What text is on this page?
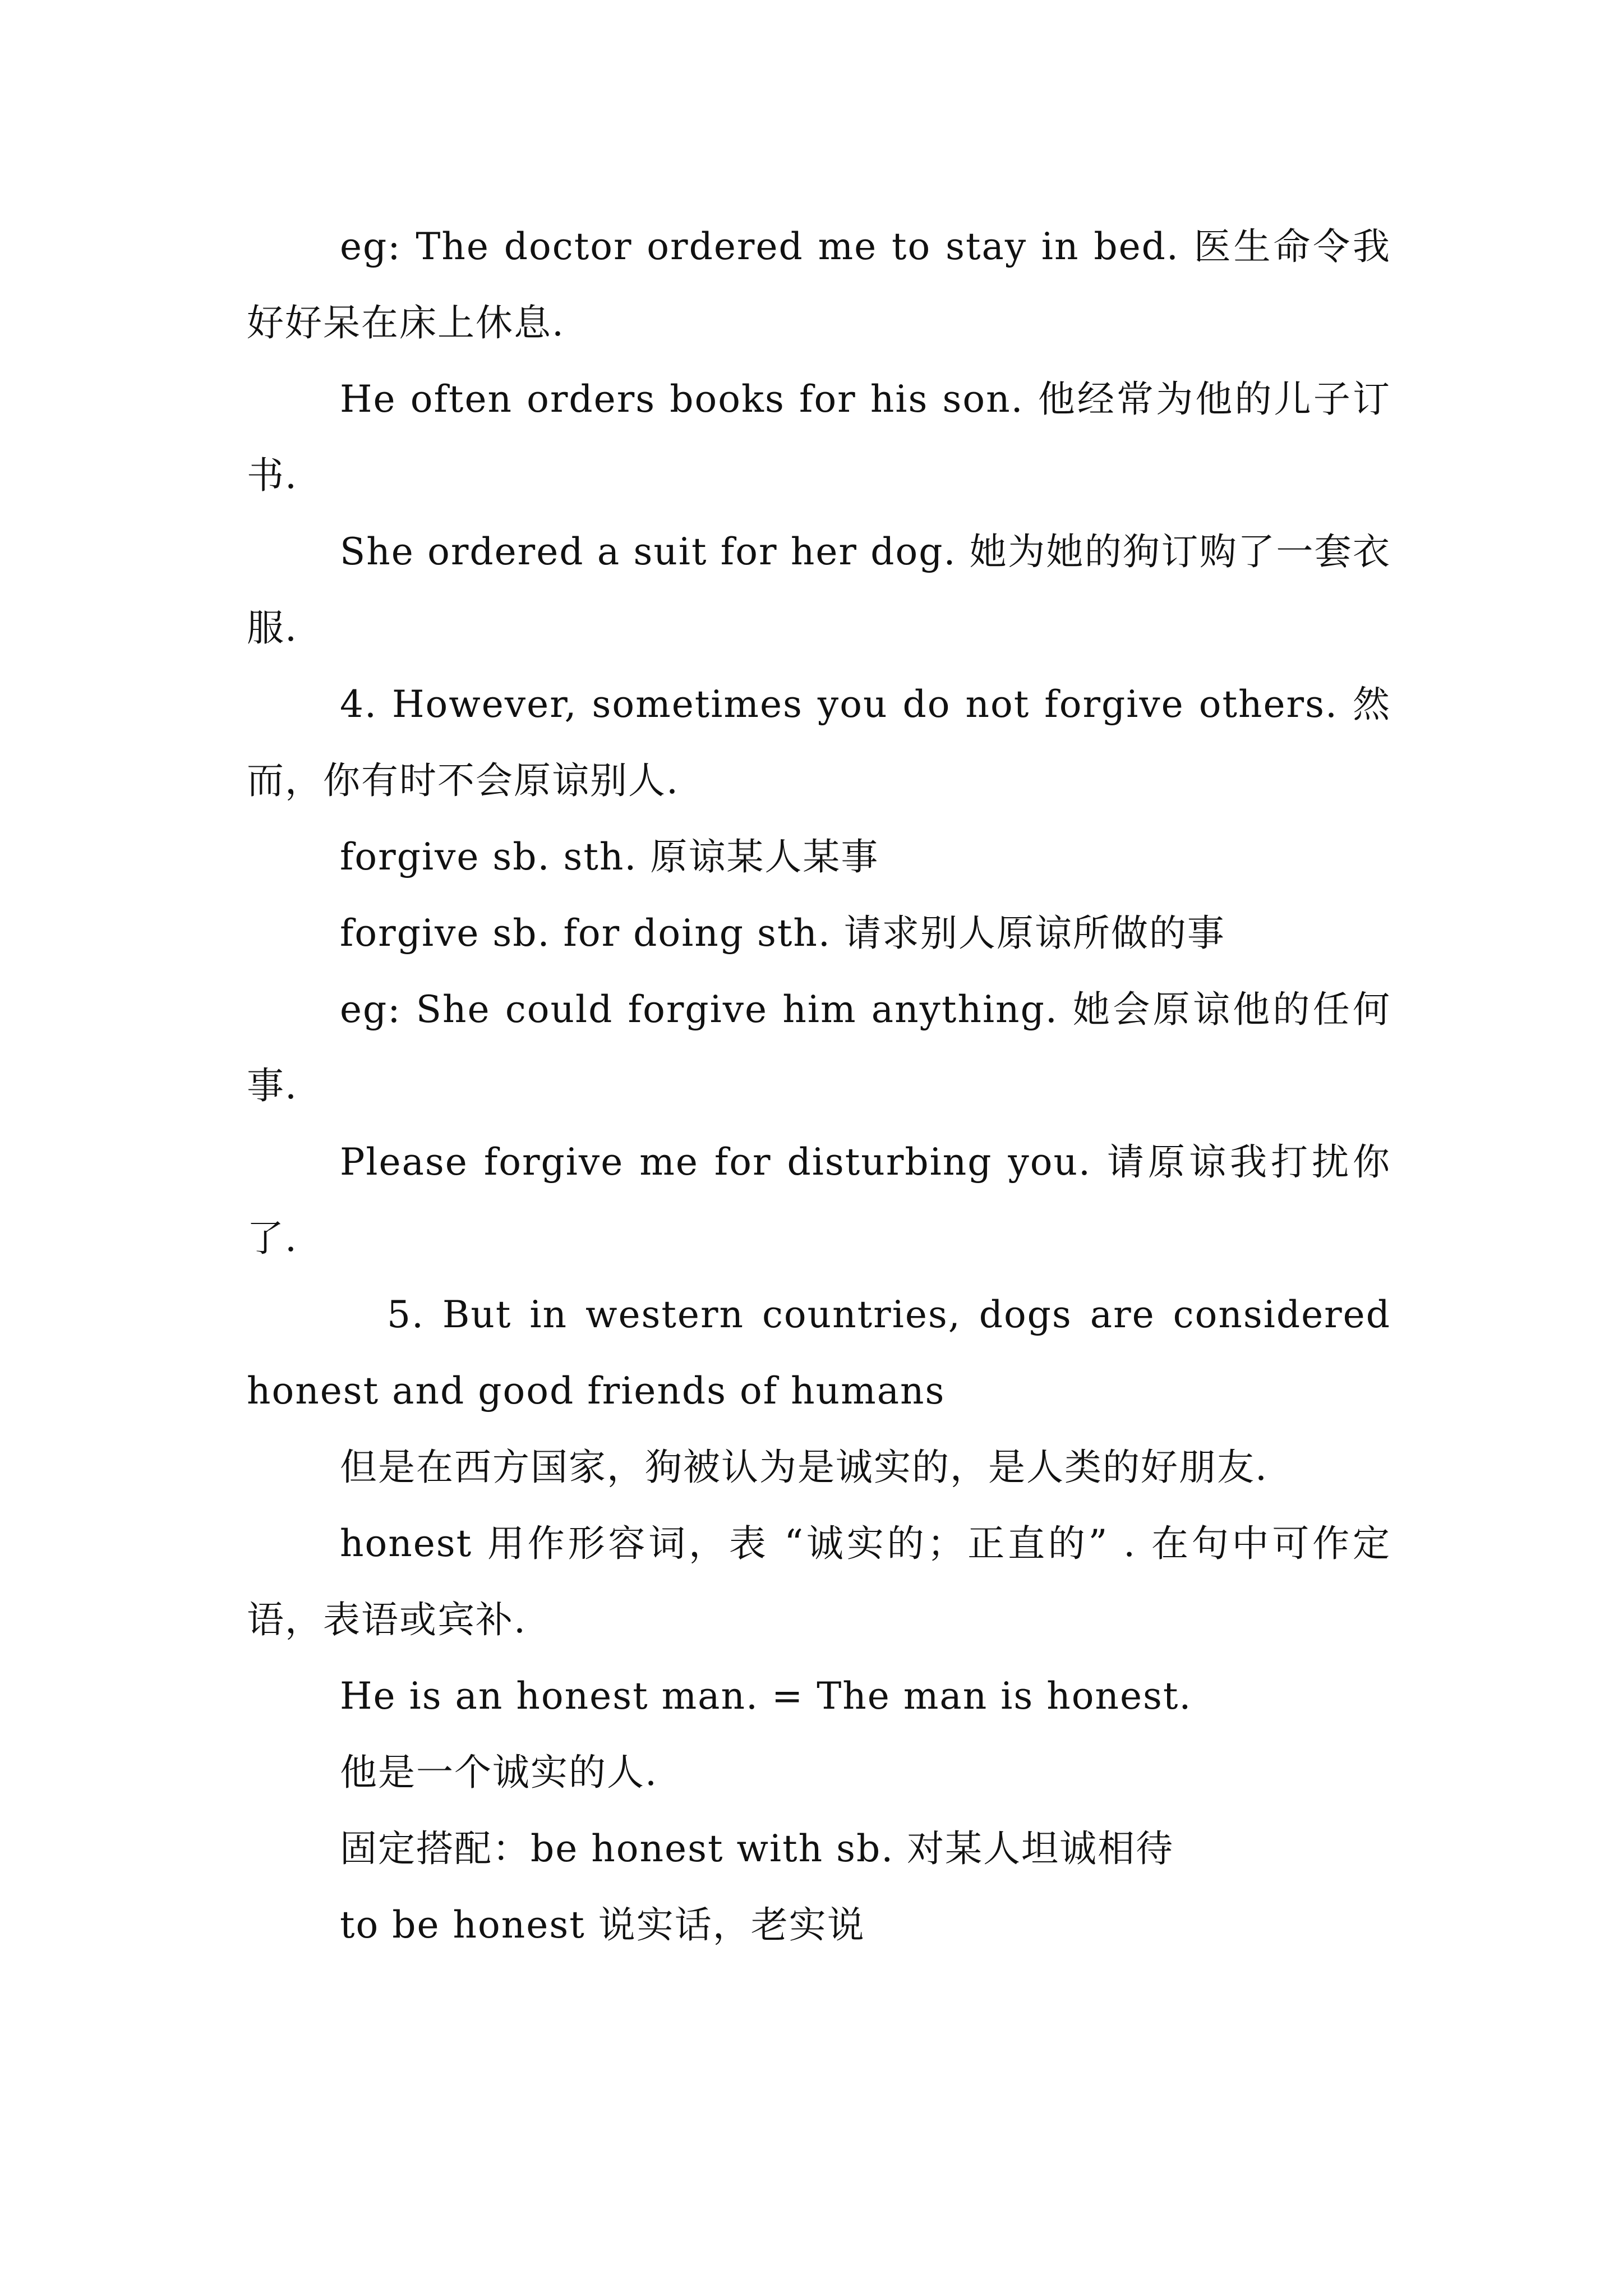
eg: The doctor ordered me to stay in bed. 医生命令我好好呆在床上休息.

He often orders books for his son. 他经常为他的儿子订书.

She ordered a suit for her dog. 她为她的狗订购了一套衣服.

4. However, sometimes you do not forgive others. 然而，你有时不会原谅别人.

forgive sb. sth. 原谅某人某事

forgive sb. for doing sth. 请求别人原谅所做的事

eg: She could forgive him anything. 她会原谅他的任何事.

Please forgive me for disturbing you. 请原谅我打扰你了.

5. But in western countries, dogs are considered honest and good friends of humans

但是在西方国家，狗被认为是诚实的，是人类的好朋友.

honest 用作形容词，表 “诚实的；正直的” . 在句中可作定语，表语或宾补.

He is an honest man. = The man is honest.

他是一个诚实的人.

固定搭配：be honest with sb. 对某人坦诚相待

to be honest 说实话，老实说
